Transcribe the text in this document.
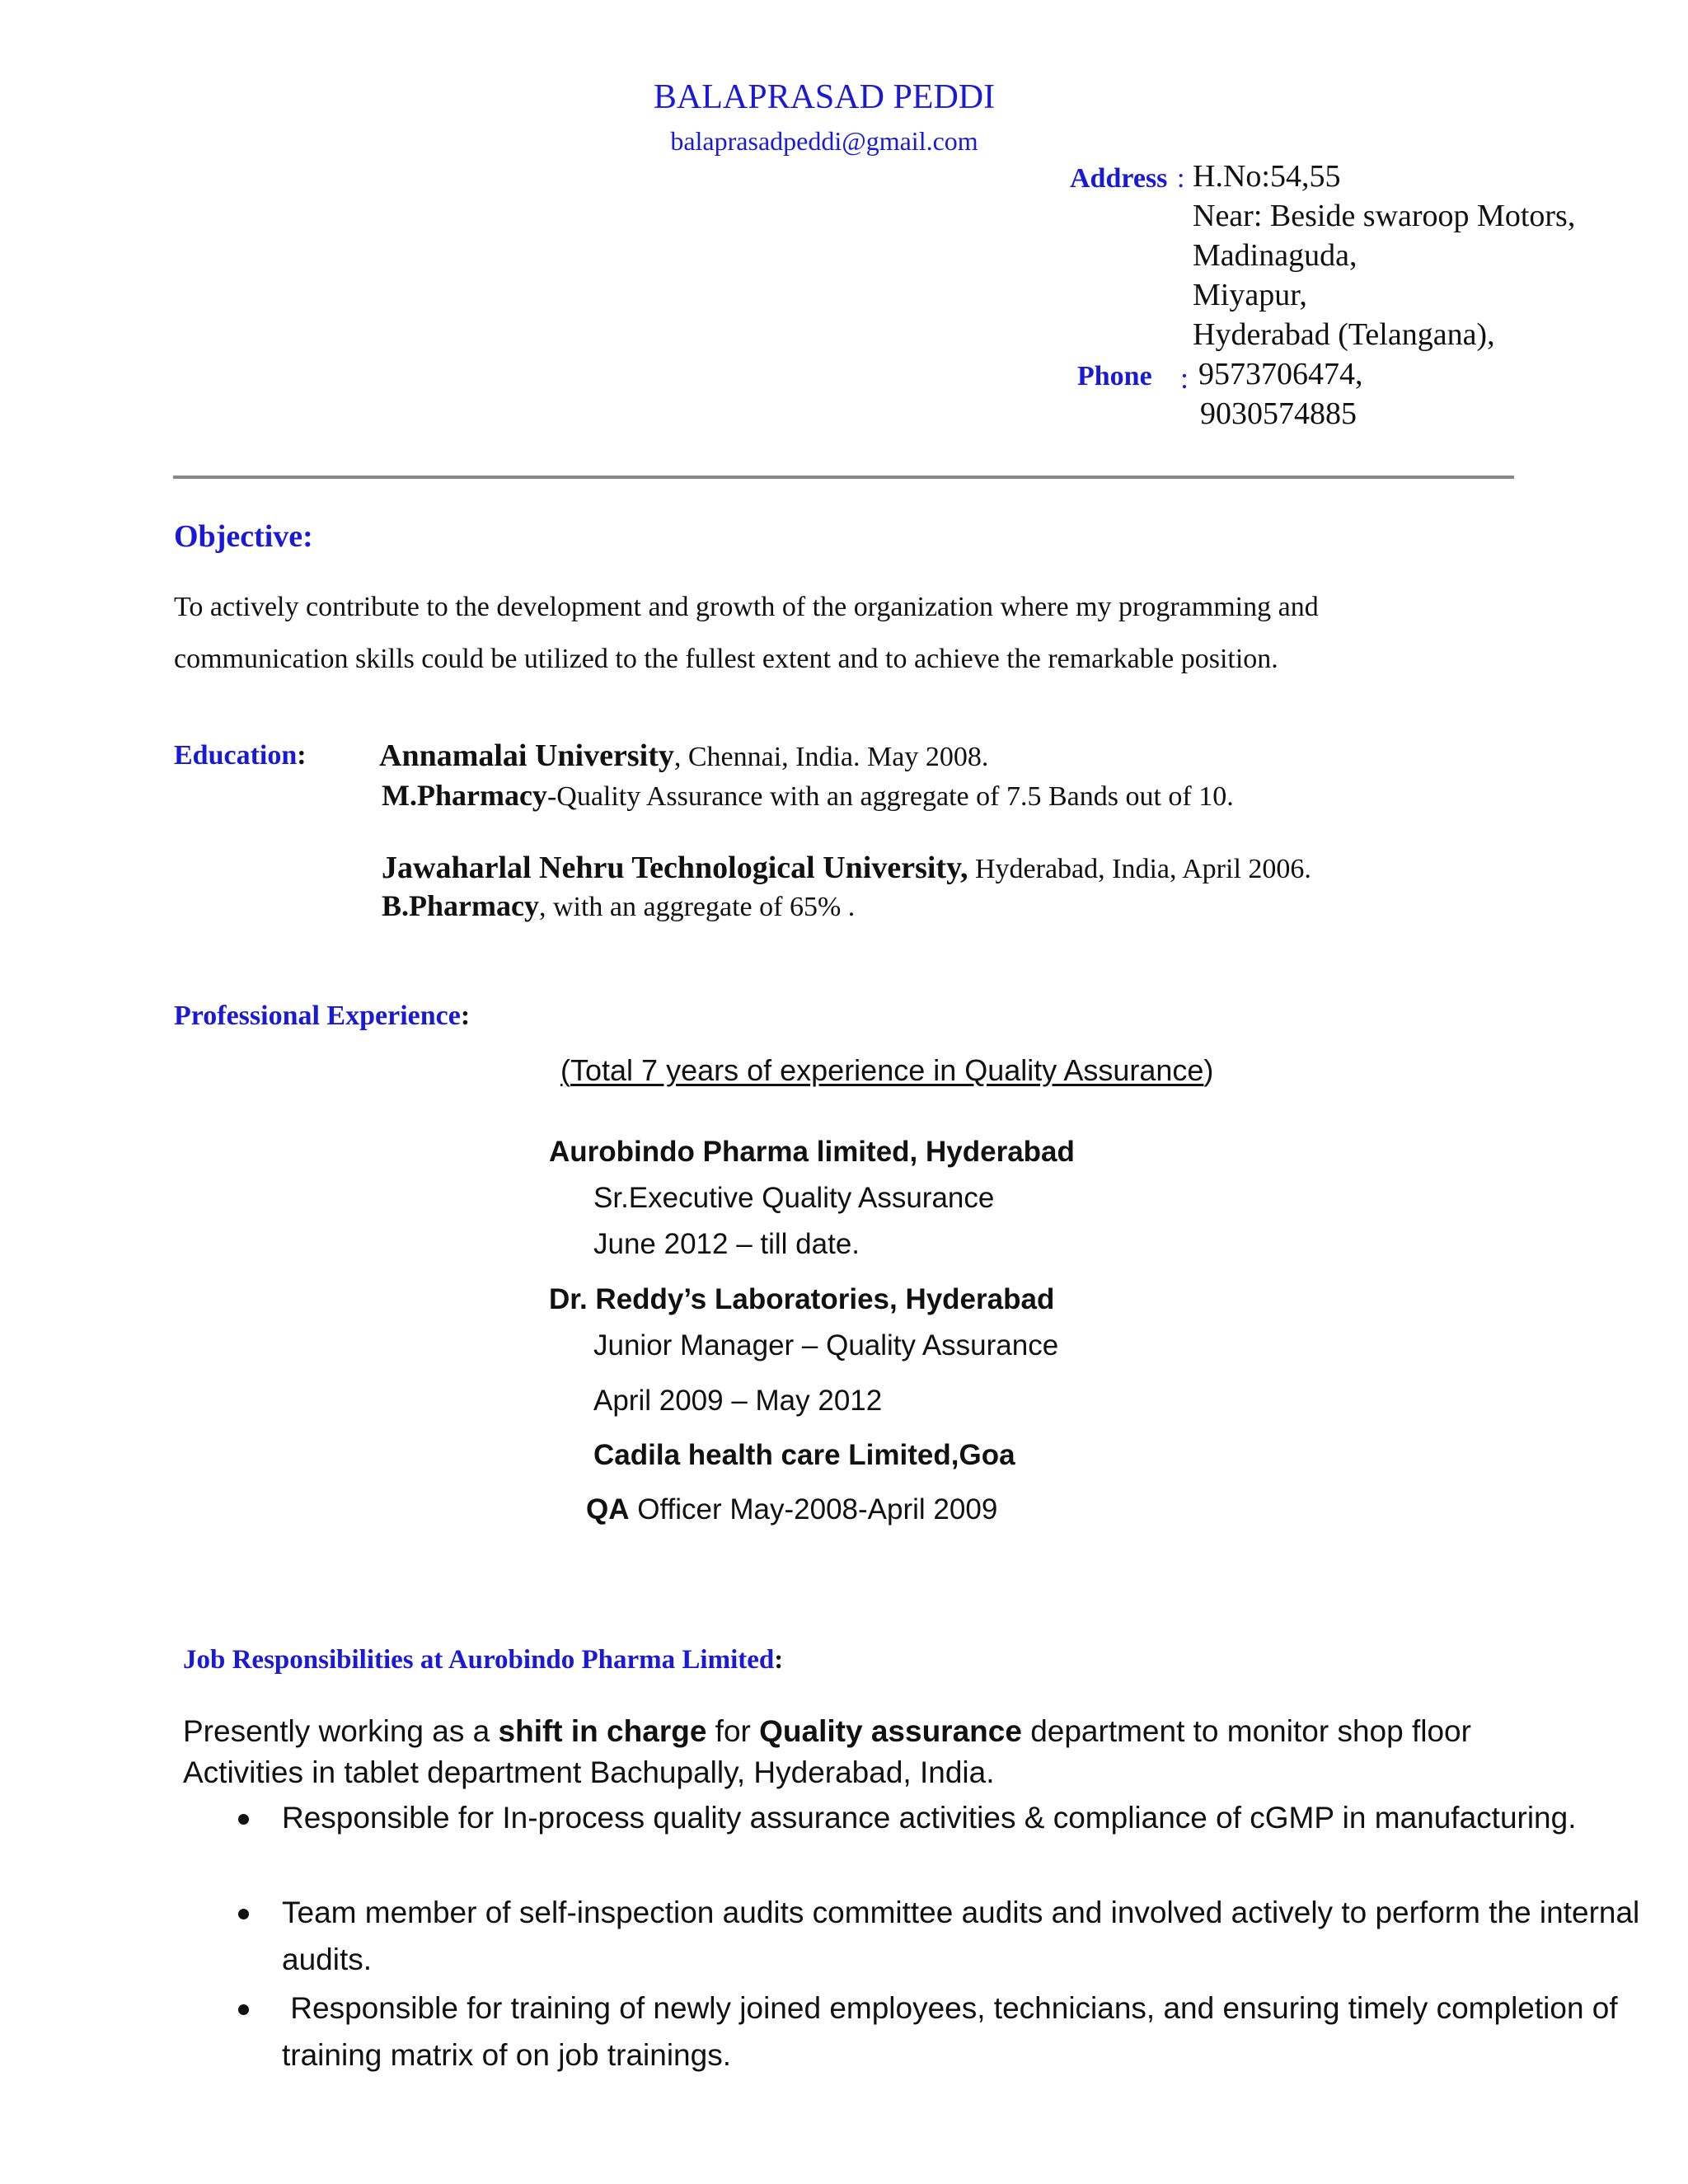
BALAPRASAD PEDDI
balaprasadpeddi@gmail.com
Address : H.No:54,55
Near: Beside swaroop Motors,
Madinaguda,
Miyapur,
Hyderabad (Telangana),
Phone : 9573706474,
9030574885
Objective:
To actively contribute to the development and growth of the organization where my programming and
communication skills could be utilized to the fullest extent and to achieve the remarkable position.
Education: Annamalai University, Chennai, India. May 2008.
M.Pharmacy-Quality Assurance with an aggregate of 7.5 Bands out of 10.
Jawaharlal Nehru Technological University, Hyderabad, India, April 2006.
B.Pharmacy, with an aggregate of 65% .
Professional Experience:
(Total 7 years of experience in Quality Assurance)
Aurobindo Pharma limited, Hyderabad
Sr.Executive Quality Assurance
June 2012 – till date.
Dr. Reddy’s Laboratories, Hyderabad
Junior Manager – Quality Assurance
April 2009 – May 2012
Cadila health care Limited,Goa
QA Officer May-2008-April 2009
Job Responsibilities at Aurobindo Pharma Limited:
Presently working as a shift in charge for Quality assurance department to monitor shop floor
Activities in tablet department Bachupally, Hyderabad, India.
Responsible for In-process quality assurance activities & compliance of cGMP in manufacturing.
Team member of self-inspection audits committee audits and involved actively to perform the internal audits.
Responsible for training of newly joined employees, technicians, and ensuring timely completion of training matrix of on job trainings.
